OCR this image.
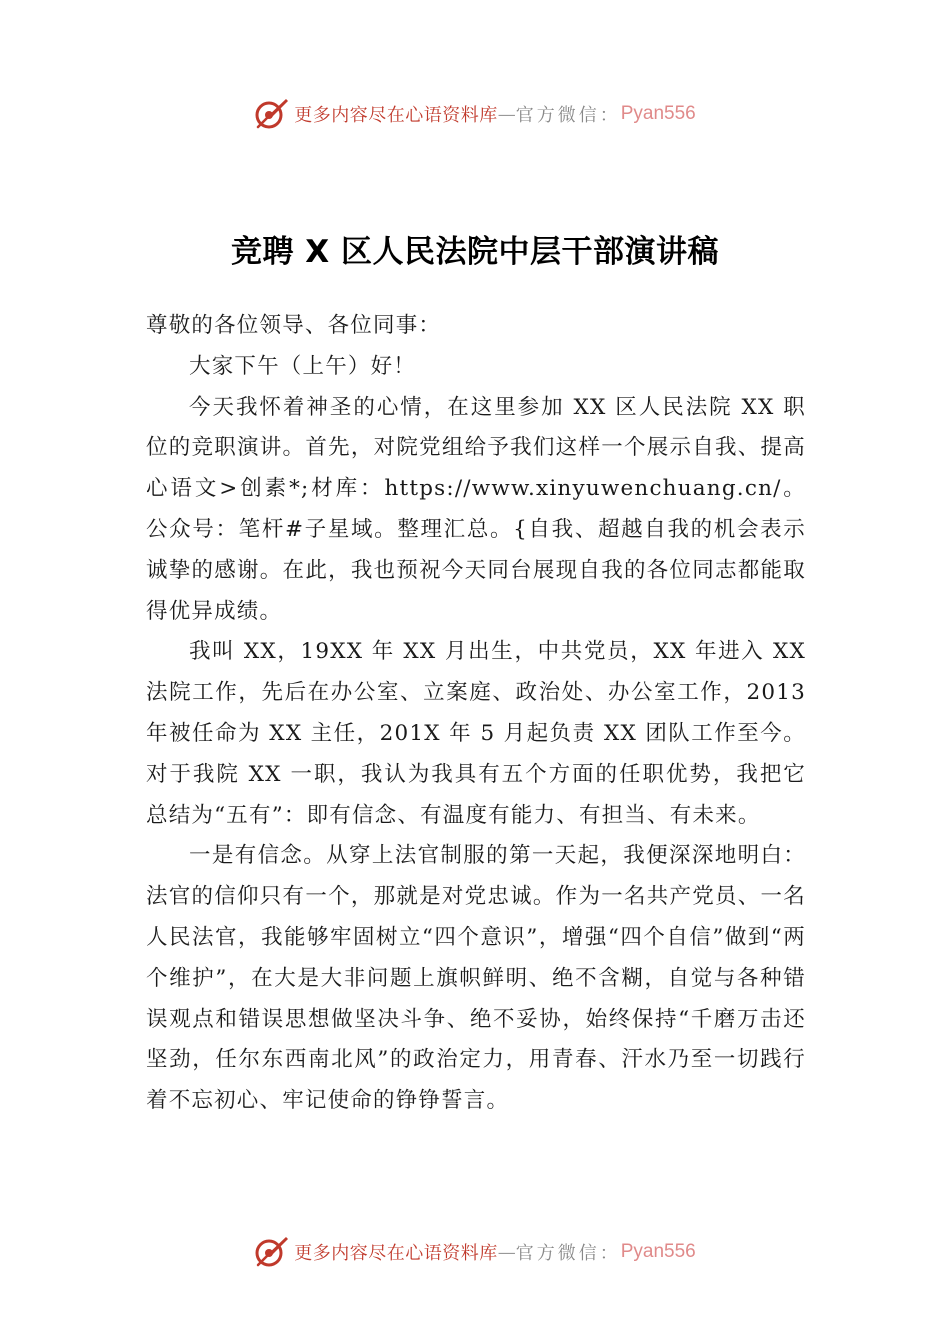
更多内容尽在心语资料库 — 官方微信： Pyan556
竞聘 X 区人民法院中层干部演讲稿

尊敬的各位领导、各位同事：

大家下午（上午）好！

今天我怀着神圣的心情，在这里参加 XX 区人民法院 XX 职位的竞职演讲。首先，对院党组给予我们这样一个展示自我、提高心语文>创素*;材库：https://www.xinyuwenchuang.cn/。公众号：笔杆#子星域。整理汇总。{自我、超越自我的机会表示诚挚的感谢。在此，我也预祝今天同台展现自我的各位同志都能取得优异成绩。

我叫 XX，19XX 年 XX 月出生，中共党员，XX 年进入 XX 法院工作，先后在办公室、立案庭、政治处、办公室工作，2013 年被任命为 XX 主任，201X 年 5 月起负责 XX 团队工作至今。对于我院 XX 一职，我认为我具有五个方面的任职优势，我把它总结为“五有”：即有信念、有温度有能力、有担当、有未来。

一是有信念。从穿上法官制服的第一天起，我便深深地明白：法官的信仰只有一个，那就是对党忠诚。作为一名共产党员、一名人民法官，我能够牢固树立“四个意识”，增强“四个自信”做到“两个维护”，在大是大非问题上旗帜鲜明、绝不含糊，自觉与各种错误观点和错误思想做坚决斗争、绝不妥协，始终保持“千磨万击还坚劲，任尔东西南北风”的政治定力，用青春、汗水乃至一切践行着不忘初心、牢记使命的铮铮誓言。

更多内容尽在心语资料库 — 官方微信： Pyan556
